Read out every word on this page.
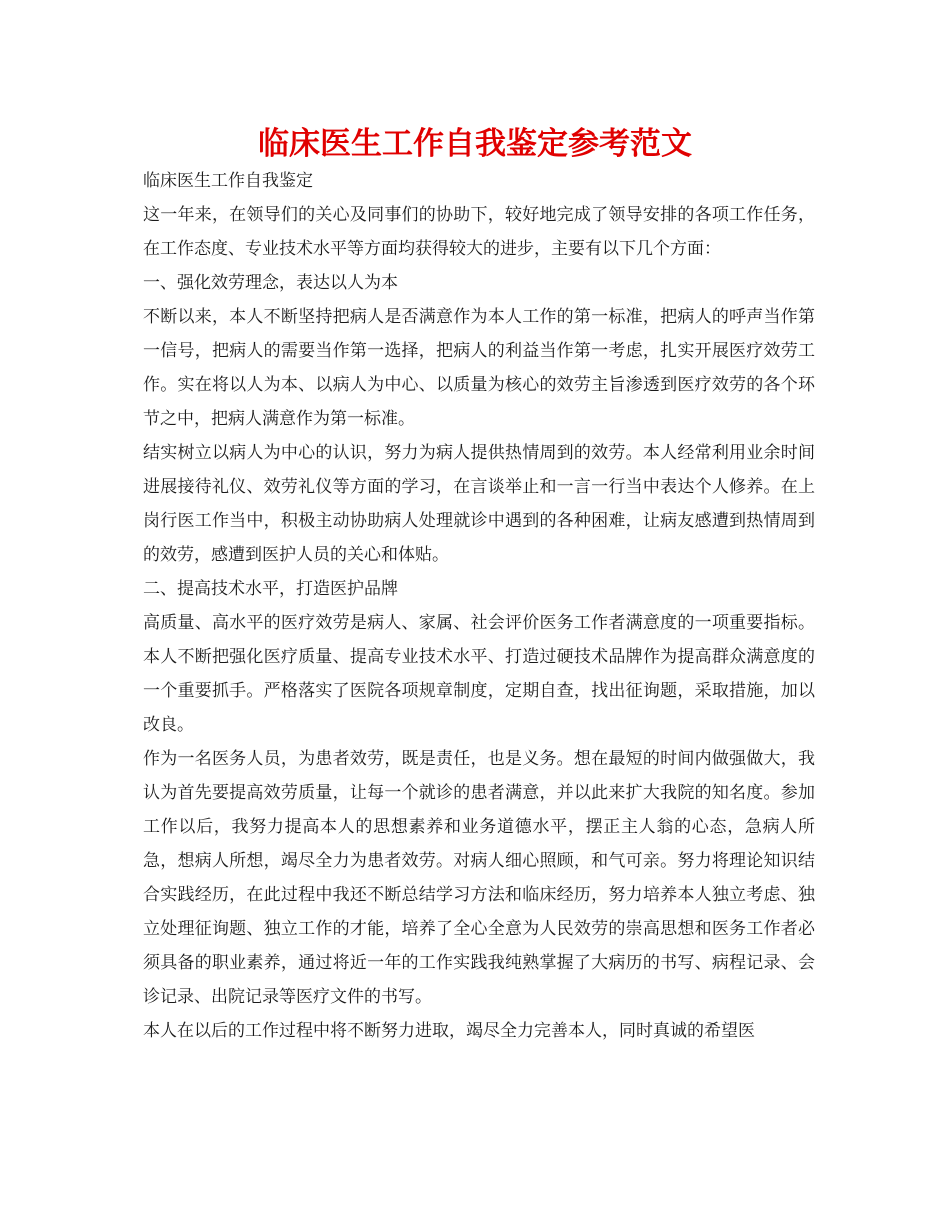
临床医生工作自我鉴定参考范文

临床医生工作自我鉴定

这一年来，在领导们的关心及同事们的协助下，较好地完成了领导安排的各项工作任务，在工作态度、专业技术水平等方面均获得较大的进步，主要有以下几个方面：

一、强化效劳理念，表达以人为本

不断以来，本人不断坚持把病人是否满意作为本人工作的第一标准，把病人的呼声当作第一信号，把病人的需要当作第一选择，把病人的利益当作第一考虑，扎实开展医疗效劳工作。实在将以人为本、以病人为中心、以质量为核心的效劳主旨渗透到医疗效劳的各个环节之中，把病人满意作为第一标准。

结实树立以病人为中心的认识，努力为病人提供热情周到的效劳。本人经常利用业余时间进展接待礼仪、效劳礼仪等方面的学习，在言谈举止和一言一行当中表达个人修养。在上岗行医工作当中，积极主动协助病人处理就诊中遇到的各种困难，让病友感遭到热情周到的效劳，感遭到医护人员的关心和体贴。

二、提高技术水平，打造医护品牌

高质量、高水平的医疗效劳是病人、家属、社会评价医务工作者满意度的一项重要指标。本人不断把强化医疗质量、提高专业技术水平、打造过硬技术品牌作为提高群众满意度的一个重要抓手。严格落实了医院各项规章制度，定期自查，找出征询题，采取措施，加以改良。

作为一名医务人员，为患者效劳，既是责任，也是义务。想在最短的时间内做强做大，我认为首先要提高效劳质量，让每一个就诊的患者满意，并以此来扩大我院的知名度。参加工作以后，我努力提高本人的思想素养和业务道德水平，摆正主人翁的心态，急病人所急，想病人所想，竭尽全力为患者效劳。对病人细心照顾，和气可亲。努力将理论知识结合实践经历，在此过程中我还不断总结学习方法和临床经历，努力培养本人独立考虑、独立处理征询题、独立工作的才能，培养了全心全意为人民效劳的崇高思想和医务工作者必须具备的职业素养，通过将近一年的工作实践我纯熟掌握了大病历的书写、病程记录、会诊记录、出院记录等医疗文件的书写。

本人在以后的工作过程中将不断努力进取，竭尽全力完善本人，同时真诚的希望医
